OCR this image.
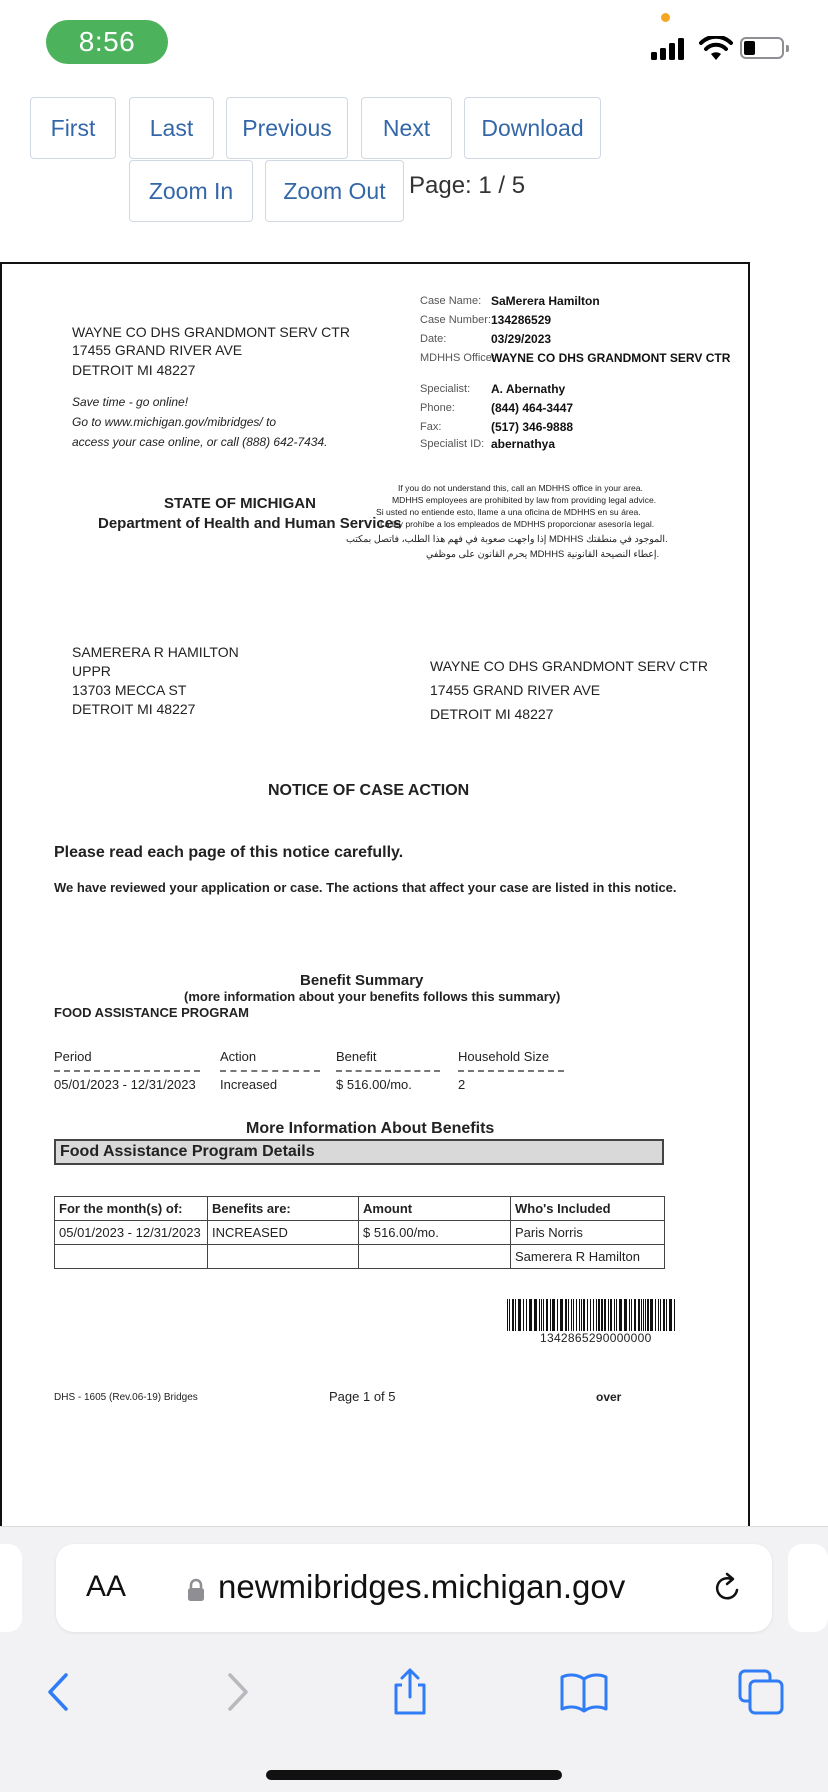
8:56
First	Last	Previous	Next	Download
Zoom In	Zoom Out Page: 1 / 5
WAYNE CO DHS GRANDMONT SERV CTR
17455 GRAND RIVER AVE
DETROIT MI 48227
Save time - go online!
Go to www.michigan.gov/mibridges/ to
access your case online, or call (888) 642-7434.
Case Name: SaMerera Hamilton
Case Number: 134286529
Date:	03/29/2023
MDHHS Office:
WAYNE CO DHS GRANDMONT SERV CTR
Specialist: A. Abernathy
Phone:	(844) 464-3447
Fax:	(517) 346-9888
Specialist ID: abernathya
STATE OF MICHIGAN
Department of Health and Human Services
If you do not understand this, call an MDHHS office in your area.
MDHHS employees are prohibited by law from providing legal advice.
Si usted no entiende esto, llame a una oficina de MDHHS en su área.
La ley prohíbe a los empleados de MDHHS proporcionar asesoría legal.
إذا واجهت صعوبة في فهم هذا الطلب، فاتصل بمكتب MDHHS الموجود في منطقتك.
يحرم القانون على موظفي MDHHS إعطاء النصيحة القانونية.
SAMERERA R HAMILTON
UPPR
13703 MECCA ST
DETROIT MI 48227
WAYNE CO DHS GRANDMONT SERV CTR
17455 GRAND RIVER AVE
DETROIT MI 48227
NOTICE OF CASE ACTION
Please read each page of this notice carefully.
We have reviewed your application or case. The actions that affect your case are listed in this notice.
Benefit Summary
(more information about your benefits follows this summary)
FOOD ASSISTANCE PROGRAM
Period	Action	Benefit	Household Size
05/01/2023 - 12/31/2023 Increased	$ 516.00/mo.	2
More Information About Benefits
Food Assistance Program Details
For the month(s) of:	Benefits are:	Amount	Who's Included
05/01/2023 - 12/31/2023	INCREASED	$ 516.00/mo.	Paris Norris
			Samerera R Hamilton
DHS - 1605 (Rev.06-19) Bridges	Page 1 of 5	over
1342865290000000
AA	newmibridges.michigan.gov
